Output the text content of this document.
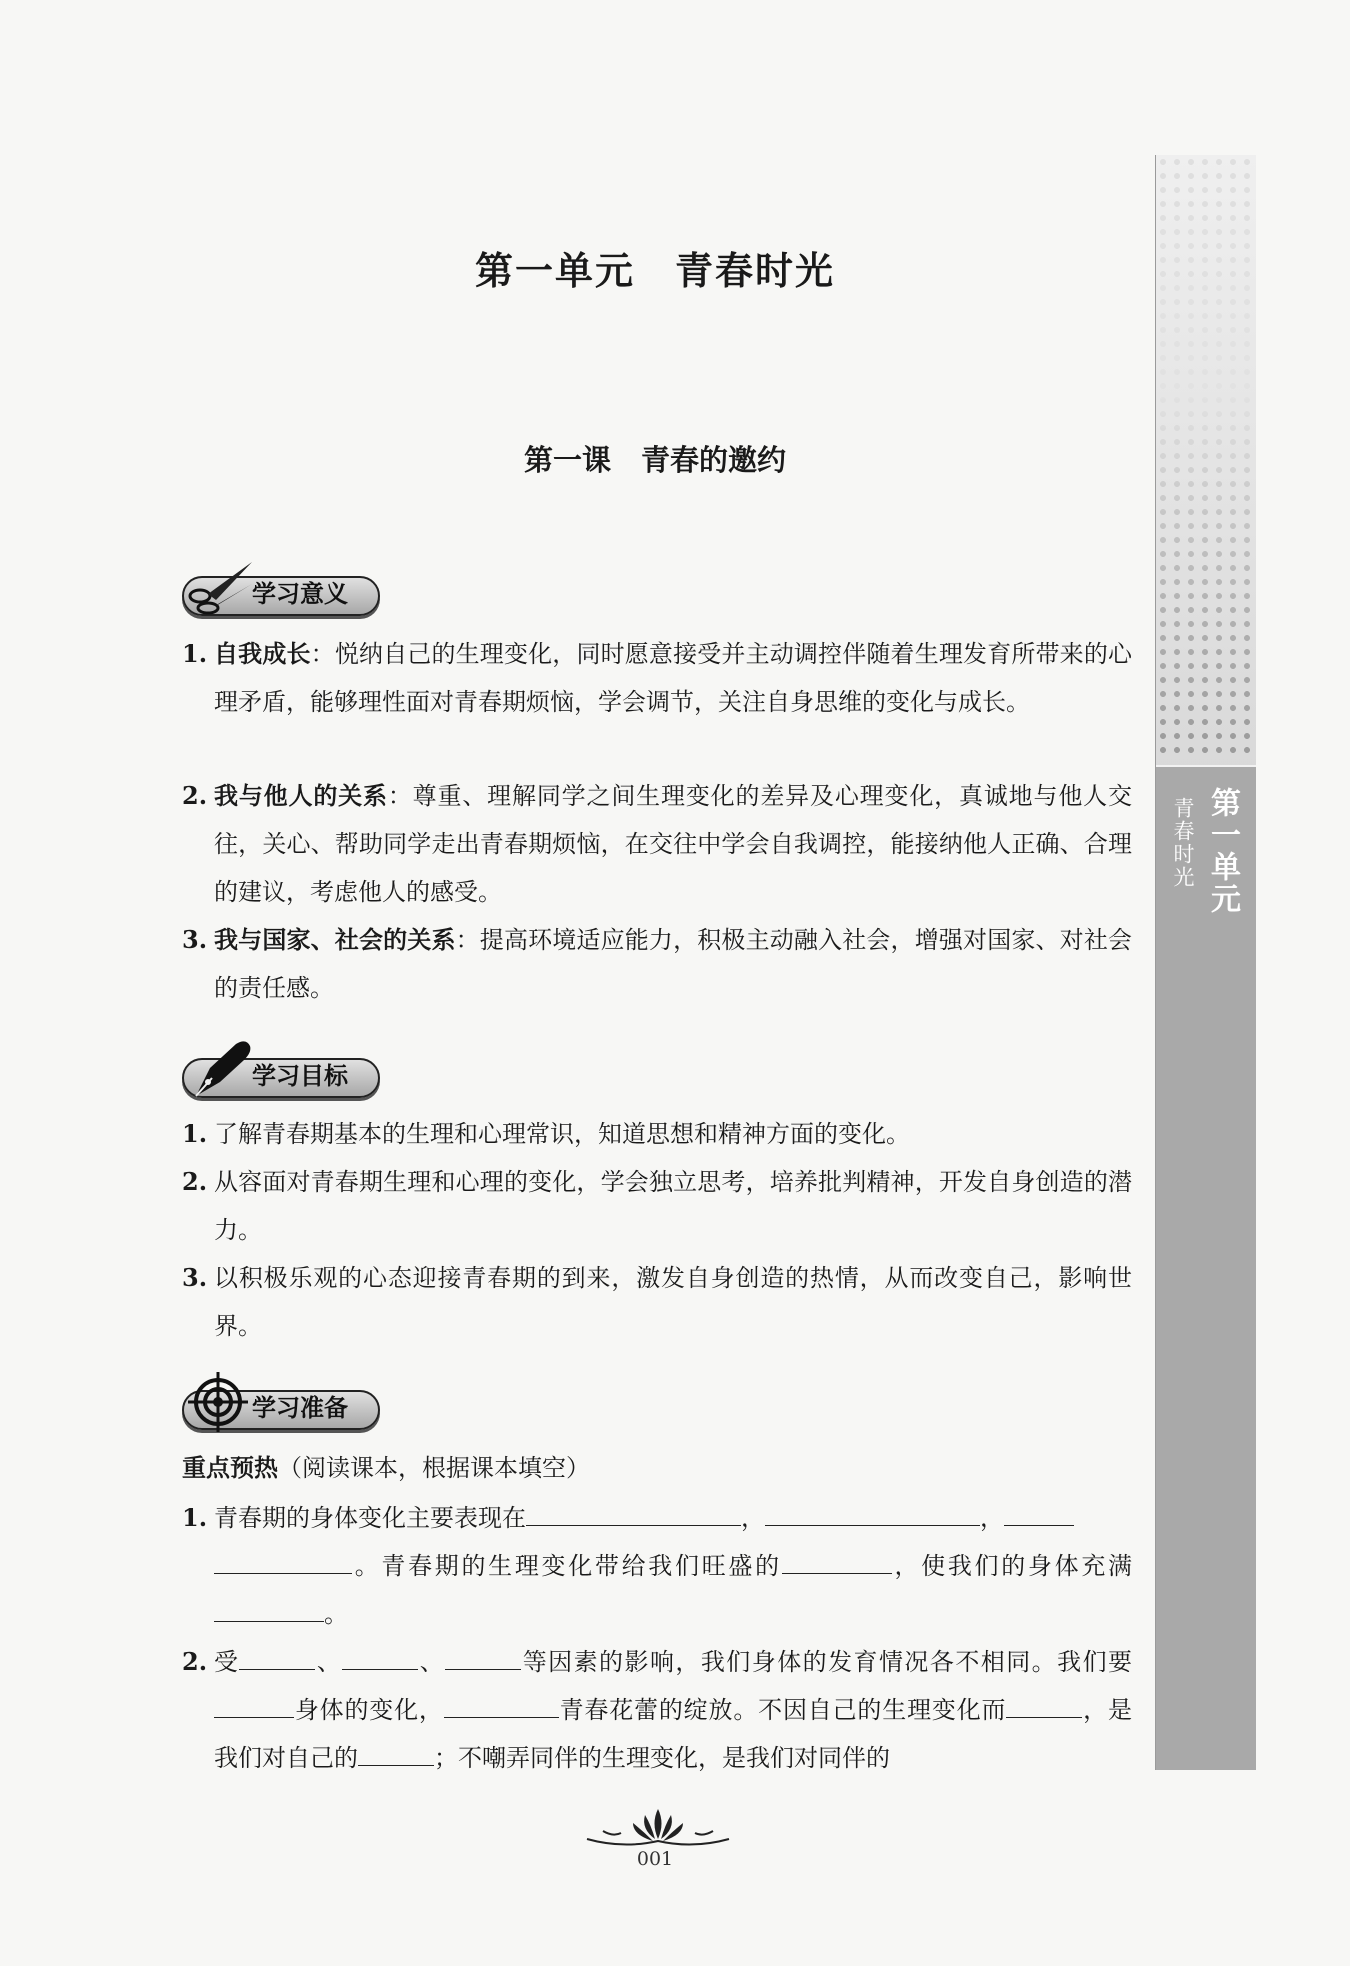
第一单元
青春时光
第一单元 青春时光
第一课 青春的邀约
学习意义
1. 自我成长：悦纳自己的生理变化，同时愿意接受并主动调控伴随着生理发育所带来的心理矛盾，能够理性面对青春期烦恼，学会调节，关注自身思维的变化与成长。
2. 我与他人的关系：尊重、理解同学之间生理变化的差异及心理变化，真诚地与他人交往，关心、帮助同学走出青春期烦恼，在交往中学会自我调控，能接纳他人正确、合理的建议，考虑他人的感受。
3. 我与国家、社会的关系：提高环境适应能力，积极主动融入社会，增强对国家、对社会的责任感。
学习目标
1. 了解青春期基本的生理和心理常识，知道思想和精神方面的变化。
2. 从容面对青春期生理和心理的变化，学会独立思考，培养批判精神，开发自身创造的潜力。
3. 以积极乐观的心态迎接青春期的到来，激发自身创造的热情，从而改变自己，影响世界。
学习准备
重点预热（阅读课本，根据课本填空）
1. 青春期的身体变化主要表现在	，	，
。青春期的生理变化带给我们旺盛的	，使我们的身体充满。
2. 受	、	、	等因素的影响，我们身体的发育情况各不相同。我们要身体的变化，	青春花蕾的绽放。不因自己的生理变化而	，是我们对自己的	；不嘲弄同伴的生理变化，是我们对同伴的
001
